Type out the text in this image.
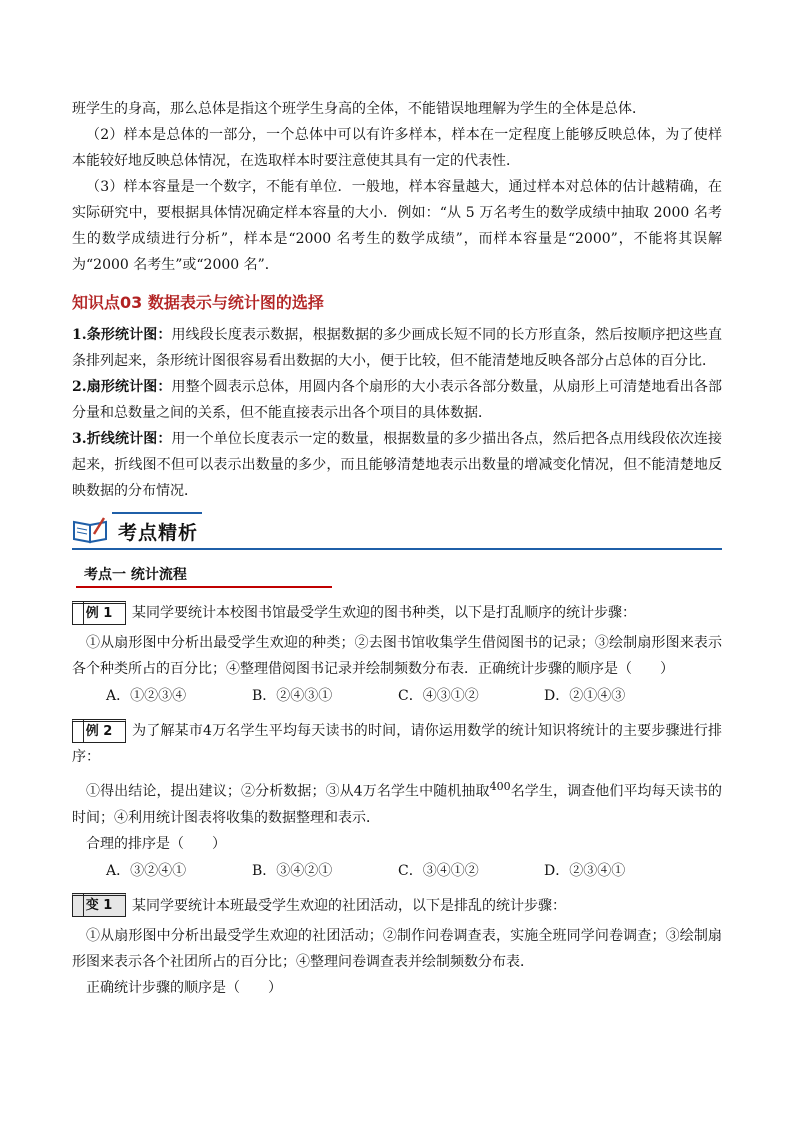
班学生的身高，那么总体是指这个班学生身高的全体，不能错误地理解为学生的全体是总体．

（2）样本是总体的一部分，一个总体中可以有许多样本，样本在一定程度上能够反映总体，为了使样本能较好地反映总体情况，在选取样本时要注意使其具有一定的代表性．

（3）样本容量是一个数字，不能有单位．一般地，样本容量越大，通过样本对总体的估计越精确，在实际研究中，要根据具体情况确定样本容量的大小．例如：“从 5 万名考生的数学成绩中抽取 2000 名考生的数学成绩进行分析”，样本是“2000 名考生的数学成绩”，而样本容量是“2000”，不能将其误解为“2000 名考生”或“2000 名”．

知识点03 数据表示与统计图的选择

1.条形统计图：用线段长度表示数据，根据数据的多少画成长短不同的长方形直条，然后按顺序把这些直条排列起来，条形统计图很容易看出数据的大小，便于比较，但不能清楚地反映各部分占总体的百分比．

2.扇形统计图：用整个圆表示总体，用圆内各个扇形的大小表示各部分数量，从扇形上可清楚地看出各部分量和总数量之间的关系，但不能直接表示出各个项目的具体数据．

3.折线统计图：用一个单位长度表示一定的数量，根据数量的多少描出各点，然后把各点用线段依次连接起来，折线图不但可以表示出数量的多少，而且能够清楚地表示出数量的增减变化情况，但不能清楚地反映数据的分布情况．

考点精析
考点一 统计流程
例 1 某同学要统计本校图书馆最受学生欢迎的图书种类，以下是打乱顺序的统计步骤：

①从扇形图中分析出最受学生欢迎的种类；②去图书馆收集学生借阅图书的记录；③绘制扇形图来表示各个种类所占的百分比；④整理借阅图书记录并绘制频数分布表．正确统计步骤的顺序是（　　）

A．①②③④	B．②④③①	C．④③①②	D．②①④③

例 2 为了解某市4万名学生平均每天读书的时间，请你运用数学的统计知识将统计的主要步骤进行排序：

①得出结论，提出建议；②分析数据；③从4万名学生中随机抽取$^{400}$名学生，调查他们平均每天读书的时间；④利用统计图表将收集的数据整理和表示．

合理的排序是（　　）

A．③②④①	B．③④②①	C．③④①②	D．②③④①
变 1 某同学要统计本班最受学生欢迎的社团活动，以下是排乱的统计步骤：

①从扇形图中分析出最受学生欢迎的社团活动；②制作问卷调查表，实施全班同学问卷调查；③绘制扇形图来表示各个社团所占的百分比；④整理问卷调查表并绘制频数分布表．

正确统计步骤的顺序是（　　）
